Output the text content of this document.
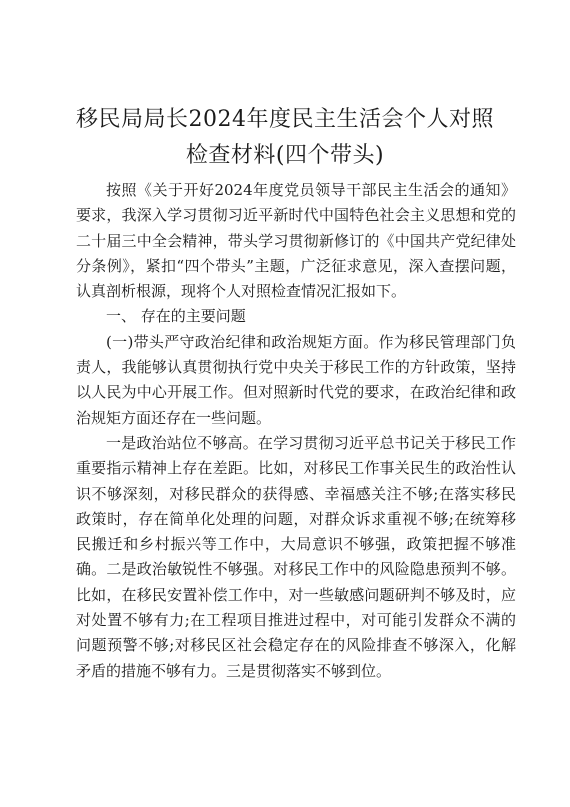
移民局局长2024年度民主生活会个人对照
检查材料(四个带头)

按照《关于开好2024年度党员领导干部民主生活会的通知》要求，我深入学习贯彻习近平新时代中国特色社会主义思想和党的二十届三中全会精神，带头学习贯彻新修订的《中国共产党纪律处分条例》，紧扣“四个带头”主题，广泛征求意见，深入查摆问题，认真剖析根源，现将个人对照检查情况汇报如下。

一、 存在的主要问题

(一)带头严守政治纪律和政治规矩方面。作为移民管理部门负责人，我能够认真贯彻执行党中央关于移民工作的方针政策，坚持以人民为中心开展工作。但对照新时代党的要求，在政治纪律和政治规矩方面还存在一些问题。

一是政治站位不够高。在学习贯彻习近平总书记关于移民工作重要指示精神上存在差距。比如，对移民工作事关民生的政治性认识不够深刻，对移民群众的获得感、幸福感关注不够;在落实移民政策时，存在简单化处理的问题，对群众诉求重视不够;在统筹移民搬迁和乡村振兴等工作中，大局意识不够强，政策把握不够准确。二是政治敏锐性不够强。对移民工作中的风险隐患预判不够。比如，在移民安置补偿工作中，对一些敏感问题研判不够及时，应对处置不够有力;在工程项目推进过程中，对可能引发群众不满的问题预警不够;对移民区社会稳定存在的风险排查不够深入，化解矛盾的措施不够有力。三是贯彻落实不够到位。
